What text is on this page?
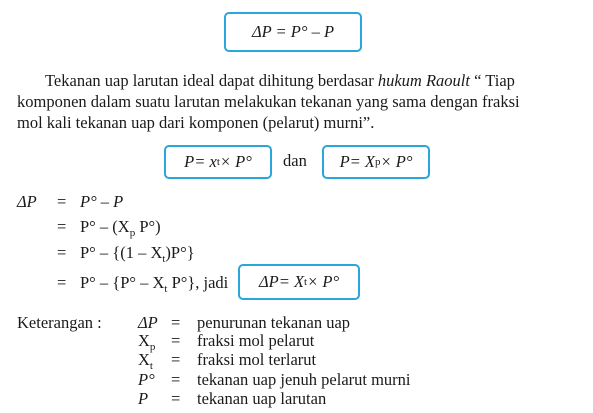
ΔP = P° – P
Tekanan uap larutan ideal dapat dihitung berdasar hukum Raoult “ Tiap
komponen dalam suatu larutan melakukan tekanan yang sama dengan fraksi
mol kali tekanan uap dari komponen (pelarut) murni”.
P = x t × P° dan P = X p × P°
ΔP = P° – P
= $P^\circ - (X_p$ P°)
= $P^\circ - \{(1 - X_t)P^\circ\}$
= $P^\circ - \{P^\circ - X_t$ P°}, jadi ΔP = X t × P°
Keterangan : ΔP = penurunan tekanan uap
$X_p$ = fraksi mol pelarut
$X_t$ = fraksi mol terlarut
P° = tekanan uap jenuh pelarut murni
P = tekanan uap larutan
